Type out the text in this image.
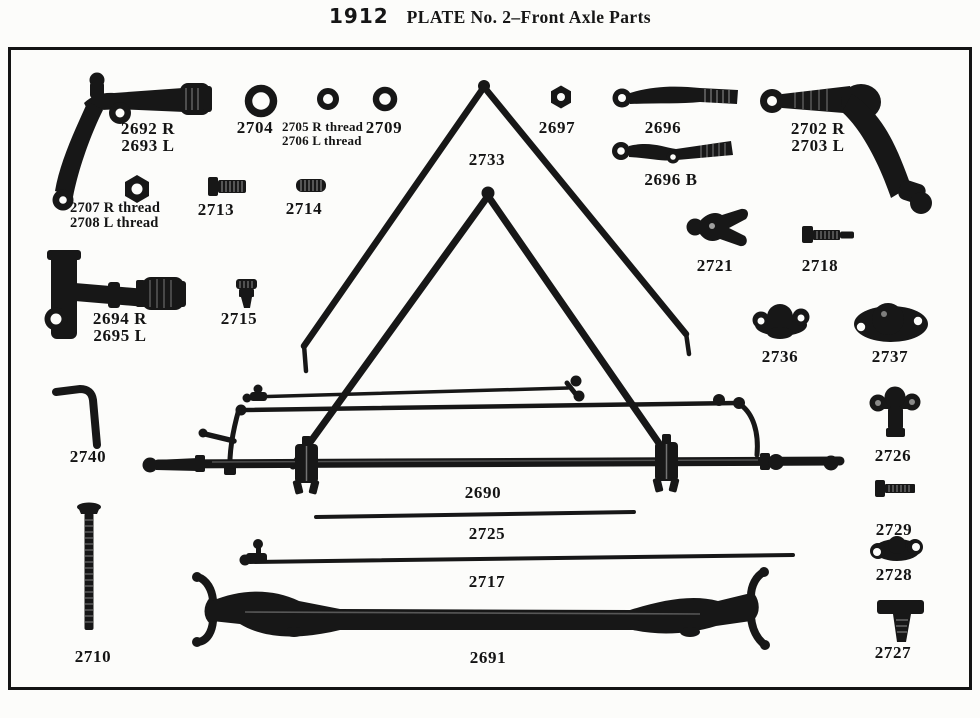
1912 PLATE No. 2–Front Axle Parts
2692 R
2693 L
2704 2705 R thread
2706 L thread
2709
2733
2697	2696	2702 R
2703 L
2696 B
2707 R thread
2708 L thread
2713	2714
2721	2718
2694 R
2695 L
2715
2736	2737
2740	2726
2690
2729
2725
2728
2717
2691	2727
2710
